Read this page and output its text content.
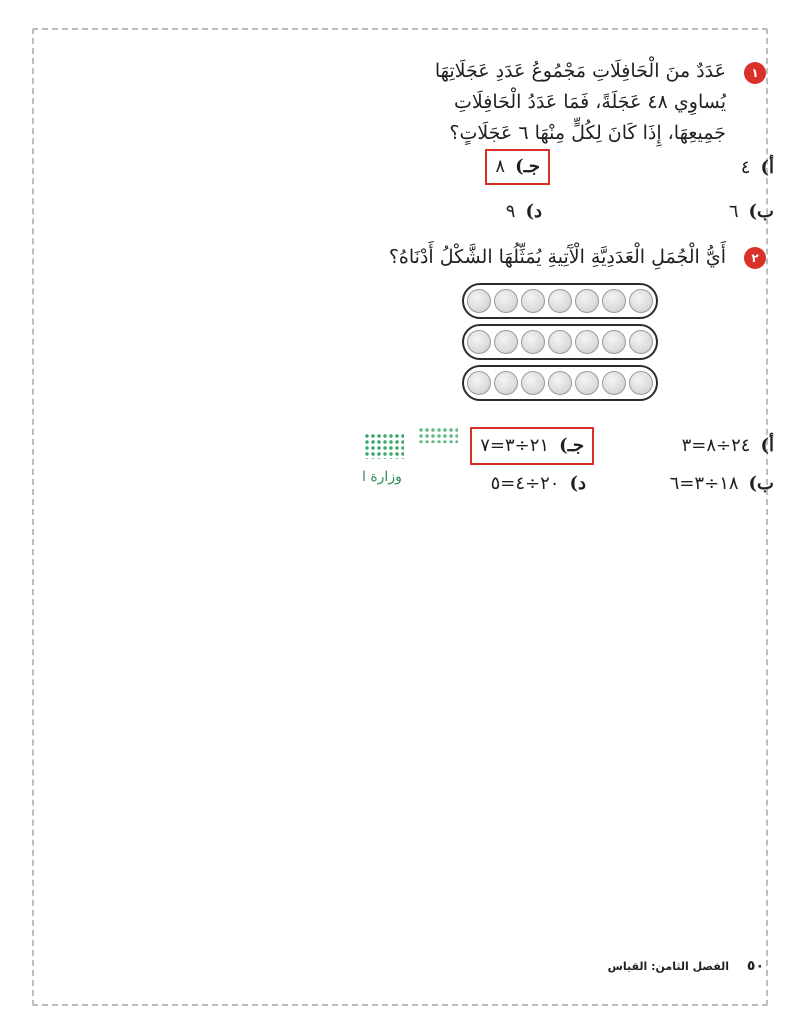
١
عَدَدٌ منَ الْحَافِلَاتِ مَجْمُوعُ عَدَدِ عَجَلَاتِهَا
يُساوِي ٤٨ عَجَلَةً، فَمَا عَدَدُ الْحَافِلَاتِ
جَمِيعِهَا، إِذَا كَانَ لِكُلٍّ مِنْهَا ٦ عَجَلَاتٍ؟
أ)٤
جـ)٨
ب)٦
د)٩
٢
أَيُّ الْجُمَلِ الْعَدَدِيَّةِ الْآَتِيةِ يُمَثِّلُهَا الشَّكْلُ أَدْنَاهُ؟
أ)٢٤÷٨=٣
جـ)٢١÷٣=٧
ب)١٨÷٣=٦
د)٢٠÷٤=٥
وزارة ا
٥٠ الفصل الثامن: القياس
